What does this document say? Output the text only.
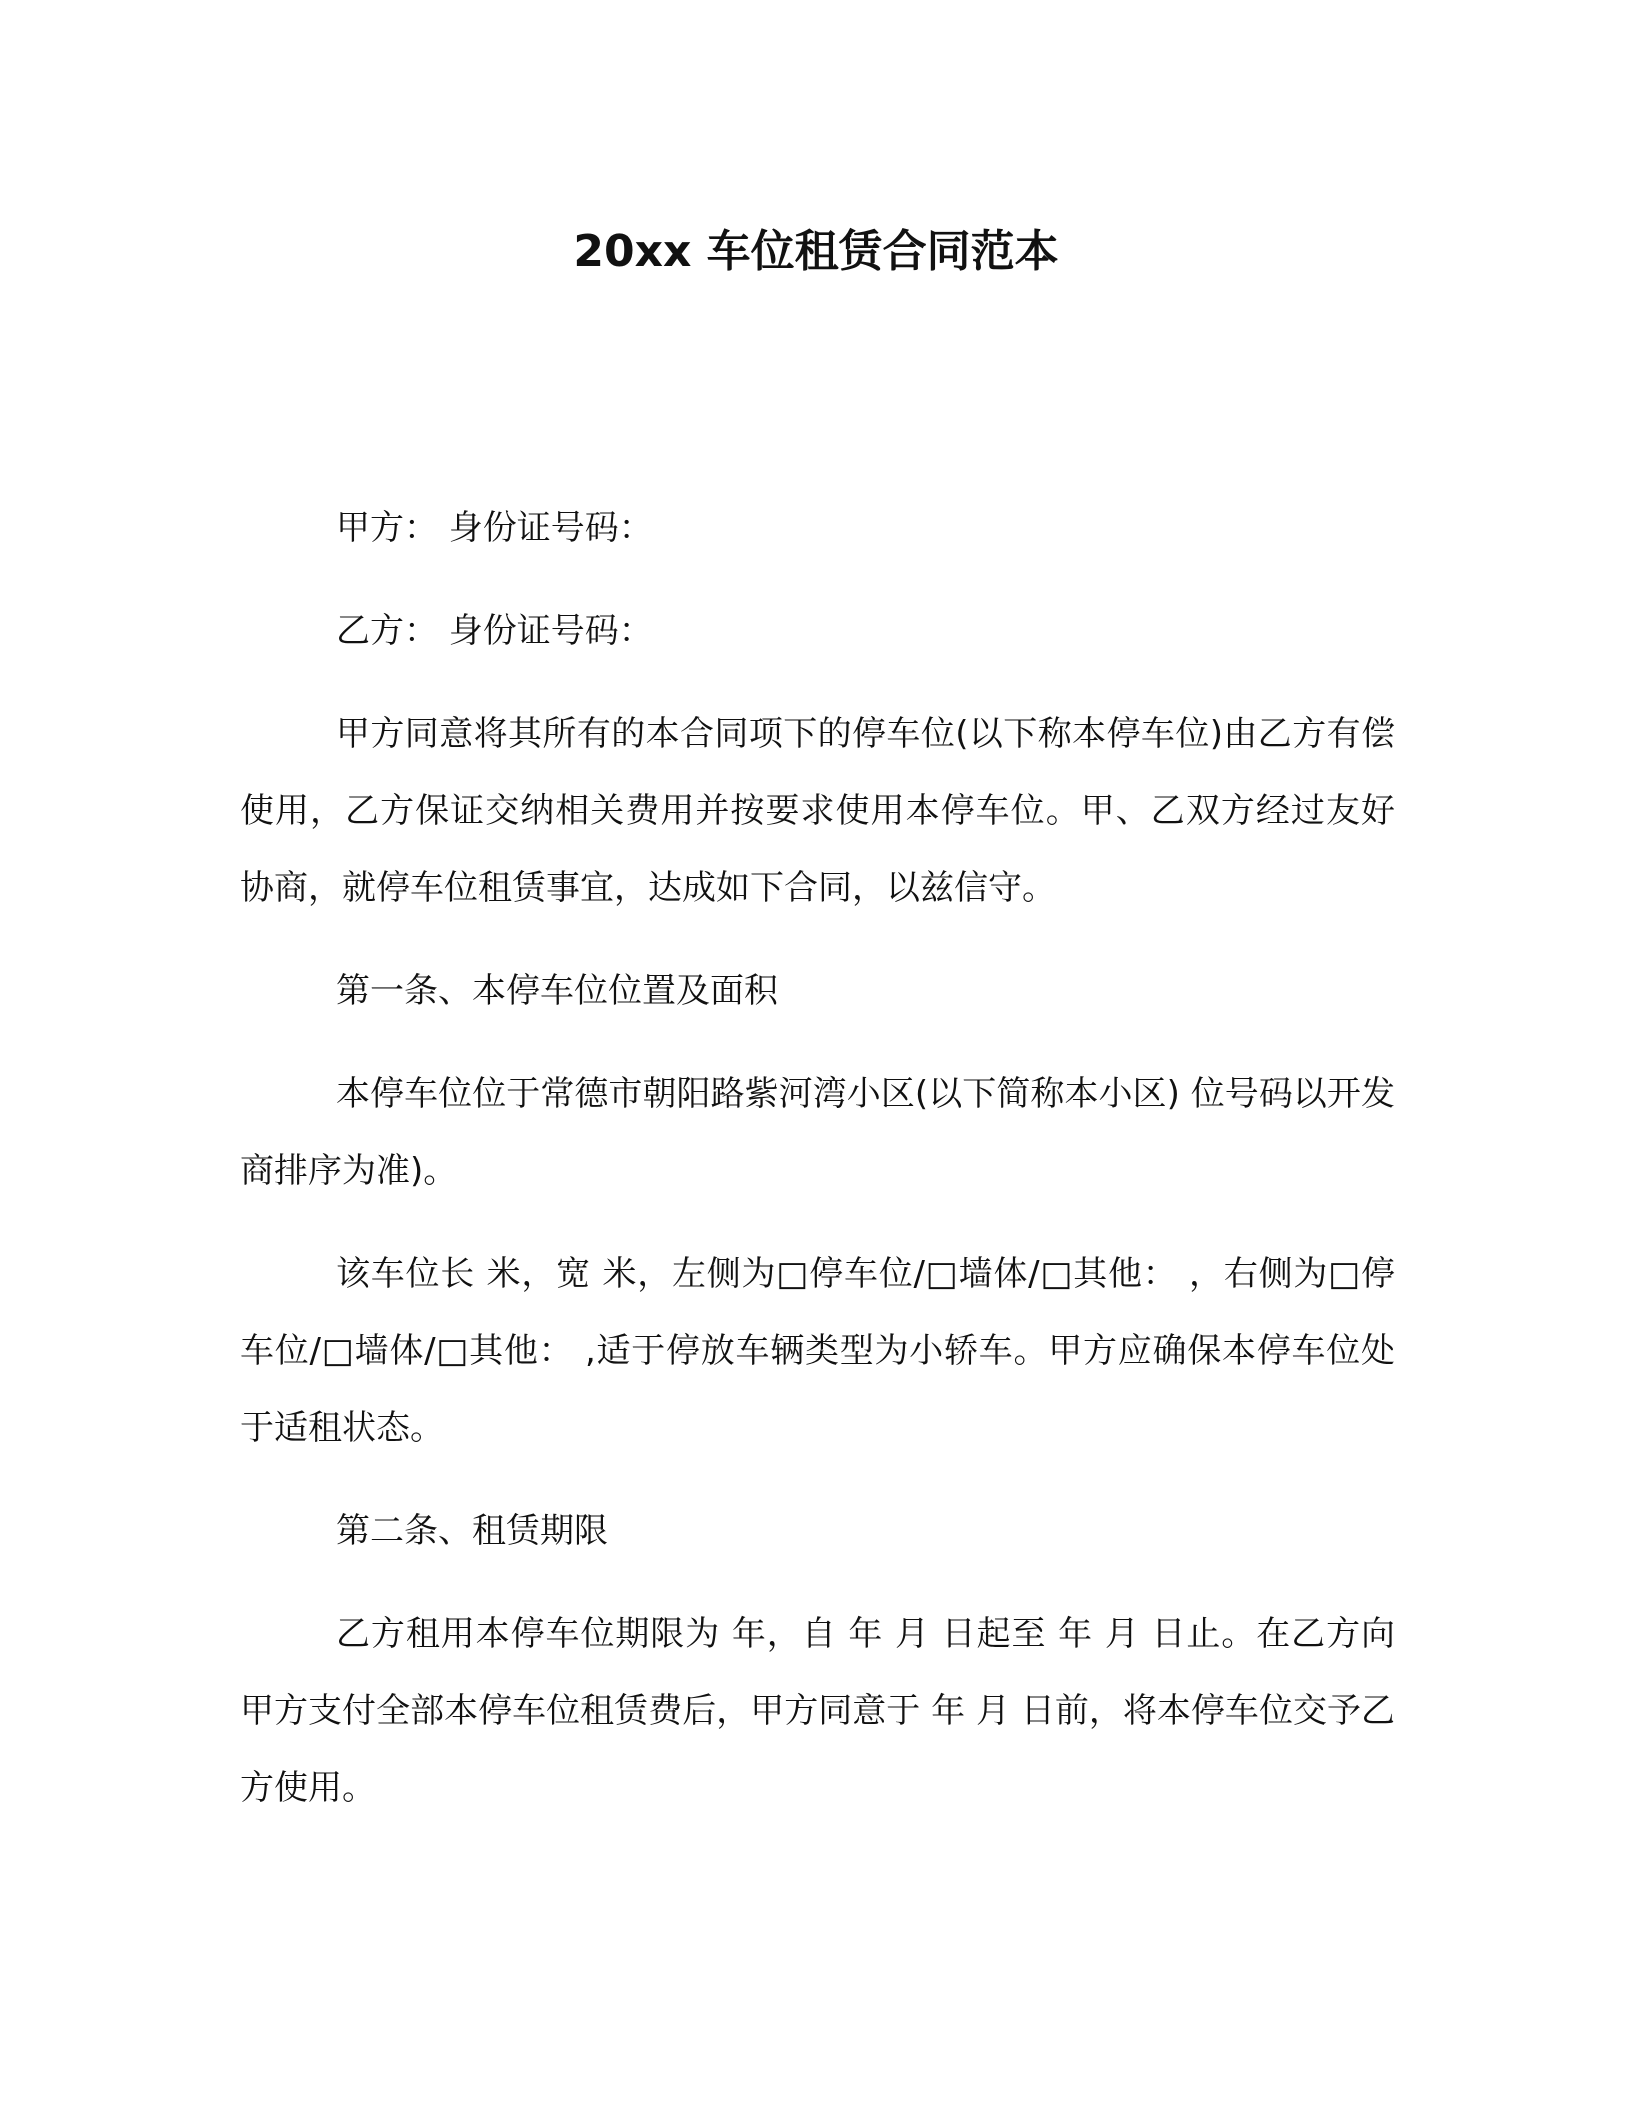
20xx 车位租赁合同范本

甲方： 身份证号码：

乙方： 身份证号码：

甲方同意将其所有的本合同项下的停车位(以下称本停车位)由乙方有偿使用，乙方保证交纳相关费用并按要求使用本停车位。甲、乙双方经过友好协商，就停车位租赁事宜，达成如下合同，以兹信守。

第一条、本停车位位置及面积

本停车位位于常德市朝阳路紫河湾小区(以下简称本小区) 位号码以开发商排序为准)。

该车位长 米，宽 米，左侧为□停车位/□墙体/□其他： ，右侧为□停车位/□墙体/□其他： ,适于停放车辆类型为小轿车。甲方应确保本停车位处于适租状态。

第二条、租赁期限

乙方租用本停车位期限为 年，自 年 月 日起至 年 月 日止。在乙方向甲方支付全部本停车位租赁费后，甲方同意于 年 月 日前，将本停车位交予乙方使用。
